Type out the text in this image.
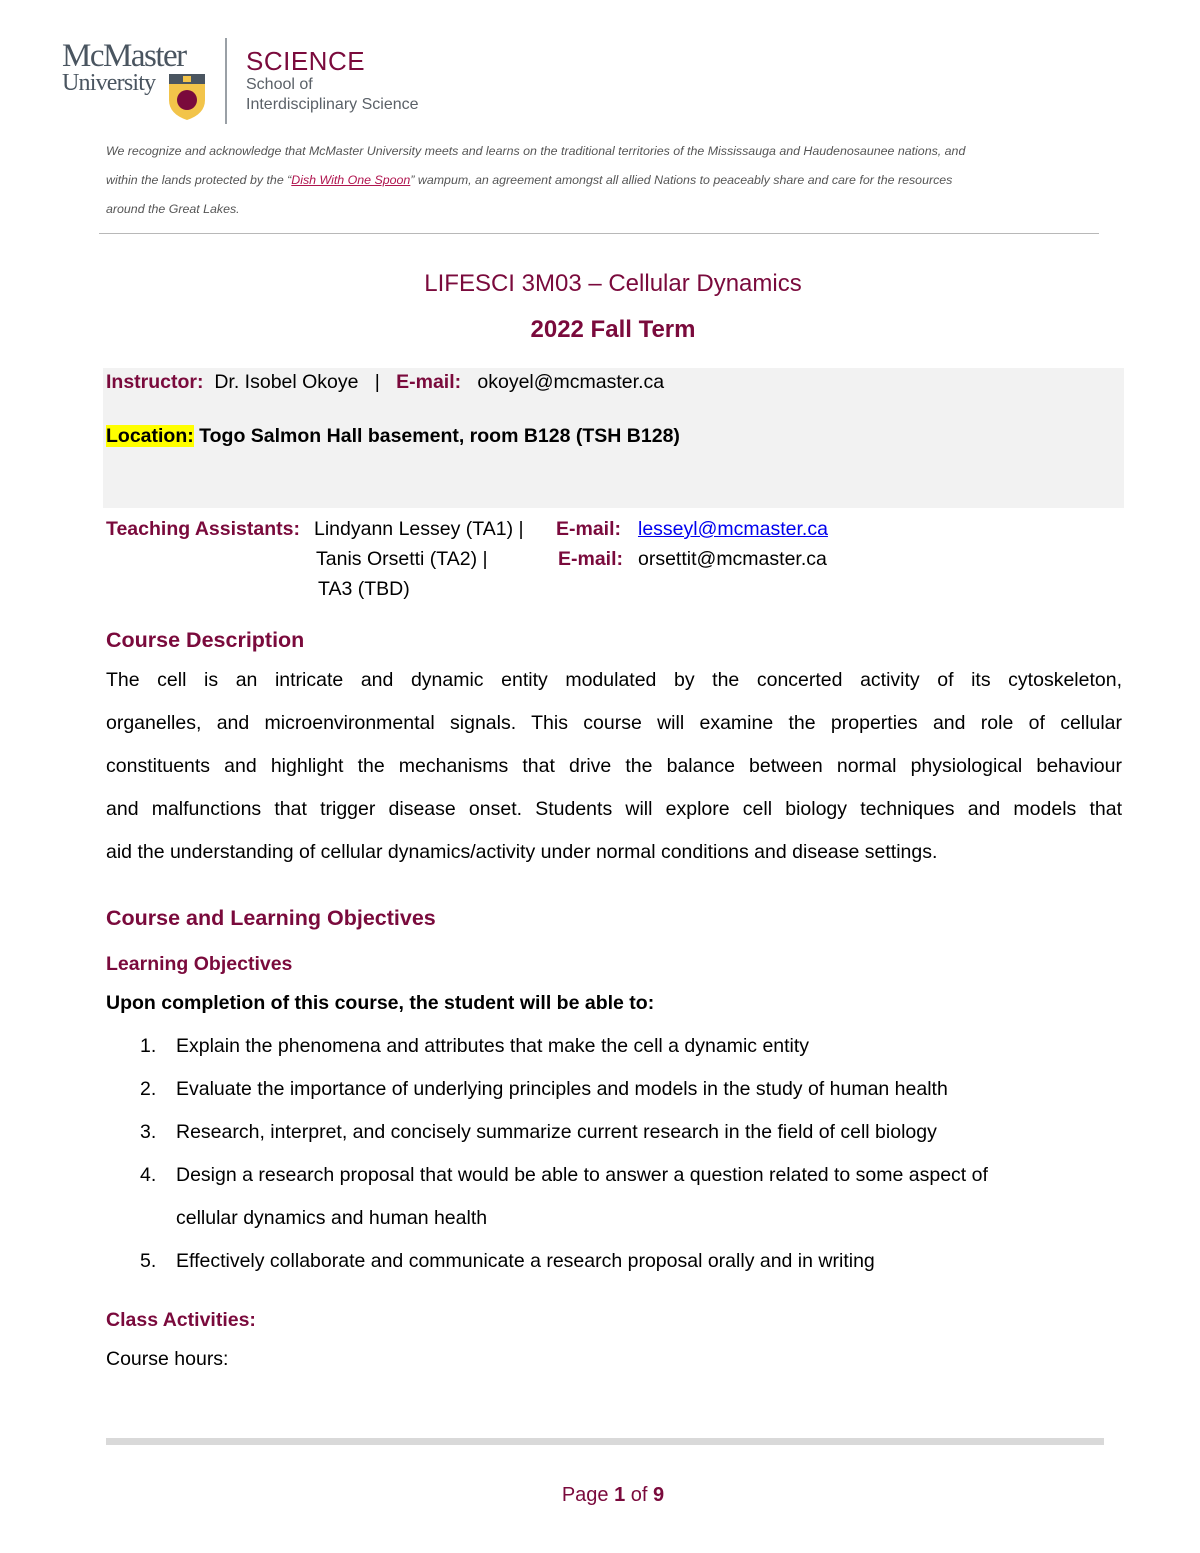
McMaster
University
SCIENCE
School of
Interdisciplinary Science
We recognize and acknowledge that McMaster University meets and learns on the traditional territories of the Mississauga and Haudenosaunee nations, and
within the lands protected by the “Dish With One Spoon” wampum, an agreement amongst all allied Nations to peaceably share and care for the resources
around the Great Lakes.
LIFESCI 3M03 – Cellular Dynamics
2022 Fall Term
Instructor: Dr. Isobel Okoye | E-mail: okoyel@mcmaster.ca
Location: Togo Salmon Hall basement, room B128 (TSH B128)
Teaching Assistants: Lindyann Lessey (TA1) | E-mail: lesseyl@mcmaster.ca
Tanis Orsetti (TA2) |	E-mail: orsettit@mcmaster.ca
TA3 (TBD)
Course Description
The cell is an intricate and dynamic entity modulated by the concerted activity of its cytoskeleton,
organelles, and microenvironmental signals. This course will examine the properties and role of cellular
constituents and highlight the mechanisms that drive the balance between normal physiological behaviour
and malfunctions that trigger disease onset. Students will explore cell biology techniques and models that
aid the understanding of cellular dynamics/activity under normal conditions and disease settings.
Course and Learning Objectives
Learning Objectives
Upon completion of this course, the student will be able to:
1. Explain the phenomena and attributes that make the cell a dynamic entity
2. Evaluate the importance of underlying principles and models in the study of human health
3. Research, interpret, and concisely summarize current research in the field of cell biology
4. Design a research proposal that would be able to answer a question related to some aspect of
cellular dynamics and human health
5. Effectively collaborate and communicate a research proposal orally and in writing
Class Activities:
Course hours:
Page 1 of 9
